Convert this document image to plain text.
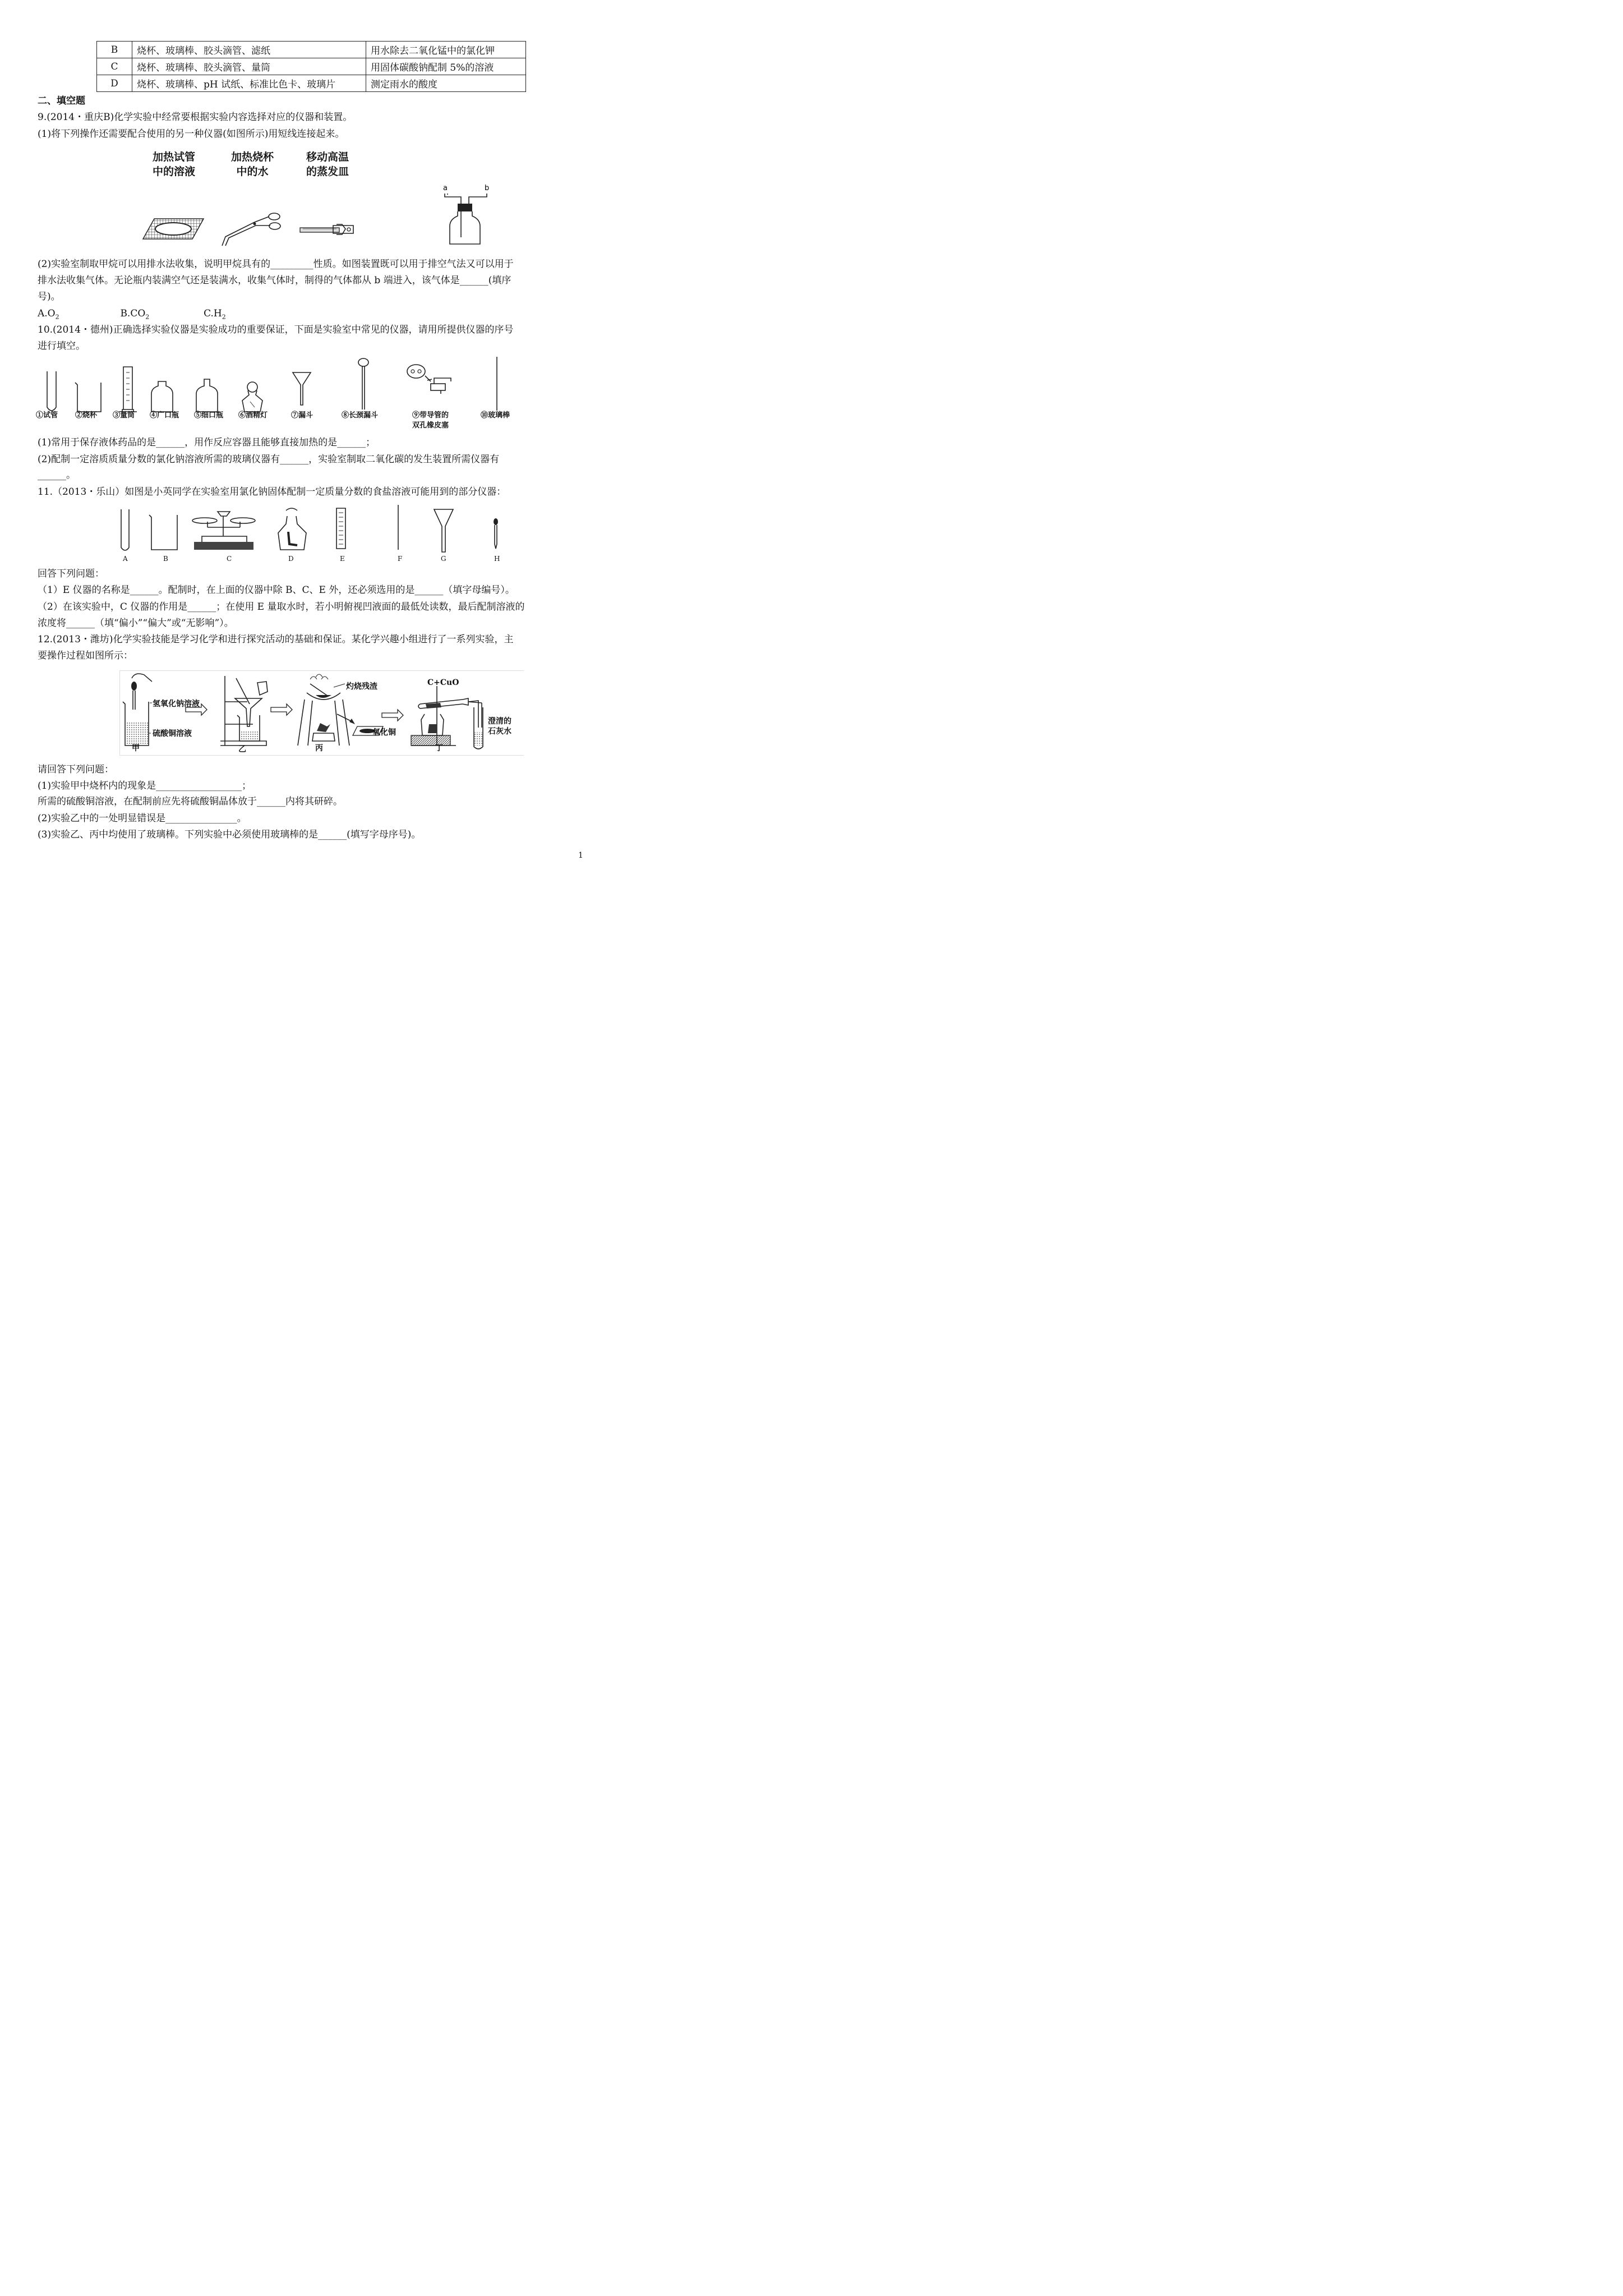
B	烧杯、玻璃棒、胶头滴管、滤纸	用水除去二氧化锰中的氯化钾
C	烧杯、玻璃棒、胶头滴管、量筒	用固体碳酸钠配制 5%的溶液
D	烧杯、玻璃棒、pH 试纸、标准比色卡、玻璃片	测定雨水的酸度
二、填空题
9.(2014・重庆B)化学实验中经常要根据实验内容选择对应的仪器和装置。
(1)将下列操作还需要配合使用的另一种仪器(如图所示)用短线连接起来。
加热试管
中的溶液
加热烧杯
中的水
移动高温
的蒸发皿
a	b
(2)实验室制取甲烷可以用排水法收集，说明甲烷具有的_________性质。如图装置既可以用于排空气法又可以用于
排水法收集气体。无论瓶内装满空气还是装满水，收集气体时，制得的气体都从 b 端进入，该气体是______(填序
号)。
$A.O_2$	$B.CO_2$	$C.H_2$
10.(2014・德州)正确选择实验仪器是实验成功的重要保证，下面是实验室中常见的仪器，请用所提供仪器的序号
进行填空。
①试管 ②烧杯 ③量筒 ④广口瓶 ⑤细口瓶 ⑥酒精灯	⑦漏斗	⑧长颈漏斗	⑨带导管的
双孔橡皮塞
⑩玻璃棒
(1)常用于保存液体药品的是______，用作反应容器且能够直接加热的是______；
(2)配制一定溶质质量分数的氯化钠溶液所需的玻璃仪器有______，实验室制取二氧化碳的发生装置所需仪器有
______。
11.（2013・乐山）如图是小英同学在实验室用氯化钠固体配制一定质量分数的食盐溶液可能用到的部分仪器：
A	B	C	D	E	F	G	H
回答下列问题：
（1）E 仪器的名称是______。配制时，在上面的仪器中除 B、C、E 外，还必须选用的是______（填字母编号）。
（2）在该实验中，C 仪器的作用是______；在使用 E 量取水时，若小明俯视凹液面的最低处读数，最后配制溶液的
浓度将______（填“偏小”“偏大”或“无影响”）。
12.(2013・潍坊)化学实验技能是学习化学和进行探究活动的基础和保证。某化学兴趣小组进行了一系列实验，主
要操作过程如图所示：
氢氧化钠溶液
硫酸铜溶液
灼烧残渣
氧化铜
C+CuO
澄清的
石灰水
甲	乙	丙	丁
请回答下列问题：
(1)实验甲中烧杯内的现象是__________________；
所需的硫酸铜溶液，在配制前应先将硫酸铜晶体放于______内将其研碎。
(2)实验乙中的一处明显错误是_______________。
(3)实验乙、丙中均使用了玻璃棒。下列实验中必须使用玻璃棒的是______(填写字母序号)。
1
